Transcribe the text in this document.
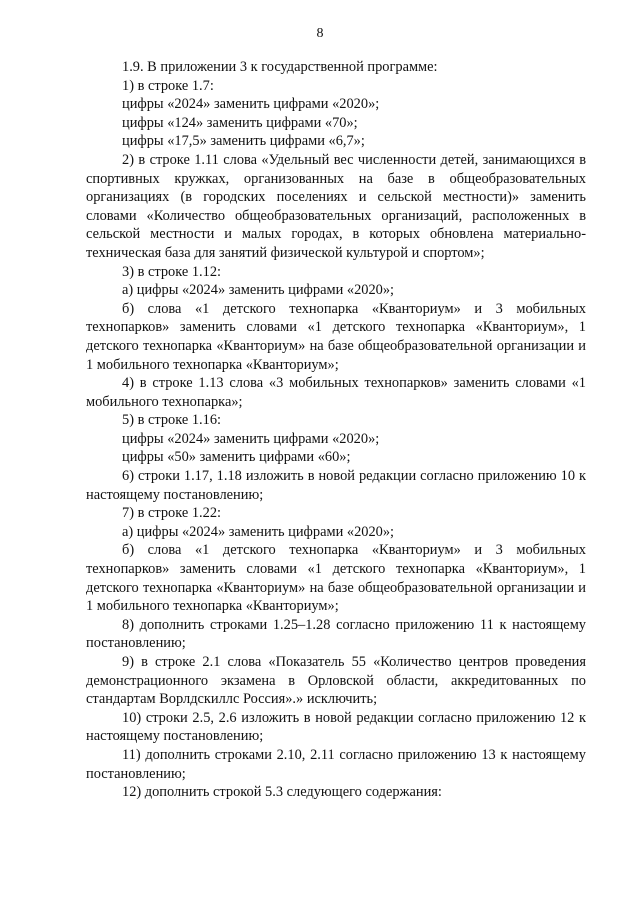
8

1.9. В приложении 3 к государственной программе:

1) в строке 1.7:

цифры «2024» заменить цифрами «2020»;

цифры «124» заменить цифрами «70»;

цифры «17,5» заменить цифрами «6,7»;

2) в строке 1.11 слова «Удельный вес численности детей, занимающихся в спортивных кружках, организованных на базе в общеобразовательных организациях (в городских поселениях и сельской местности)» заменить словами «Количество общеобразовательных организаций, расположенных в сельской местности и малых городах, в которых обновлена материально-техническая база для занятий физической культурой и спортом»;

3) в строке 1.12:

а) цифры «2024» заменить цифрами «2020»;

б) слова «1 детского технопарка «Кванториум» и 3 мобильных технопарков» заменить словами «1 детского технопарка «Кванториум», 1 детского технопарка «Кванториум» на базе общеобразовательной организации и 1 мобильного технопарка «Кванториум»;

4) в строке 1.13 слова «3 мобильных технопарков» заменить словами «1 мобильного технопарка»;

5) в строке 1.16:

цифры «2024» заменить цифрами «2020»;

цифры «50» заменить цифрами «60»;

6) строки 1.17, 1.18 изложить в новой редакции согласно приложению 10 к настоящему постановлению;

7) в строке 1.22:

а) цифры «2024» заменить цифрами «2020»;

б) слова «1 детского технопарка «Кванториум» и 3 мобильных технопарков» заменить словами «1 детского технопарка «Кванториум», 1 детского технопарка «Кванториум» на базе общеобразовательной организации и 1 мобильного технопарка «Кванториум»;

8) дополнить строками 1.25–1.28 согласно приложению 11 к настоящему постановлению;

9) в строке 2.1 слова «Показатель 55 «Количество центров проведения демонстрационного экзамена в Орловской области, аккредитованных по стандартам Ворлдскиллс Россия».» исключить;

10) строки 2.5, 2.6 изложить в новой редакции согласно приложению 12 к настоящему постановлению;

11) дополнить строками 2.10, 2.11 согласно приложению 13 к настоящему постановлению;

12) дополнить строкой 5.3 следующего содержания:
